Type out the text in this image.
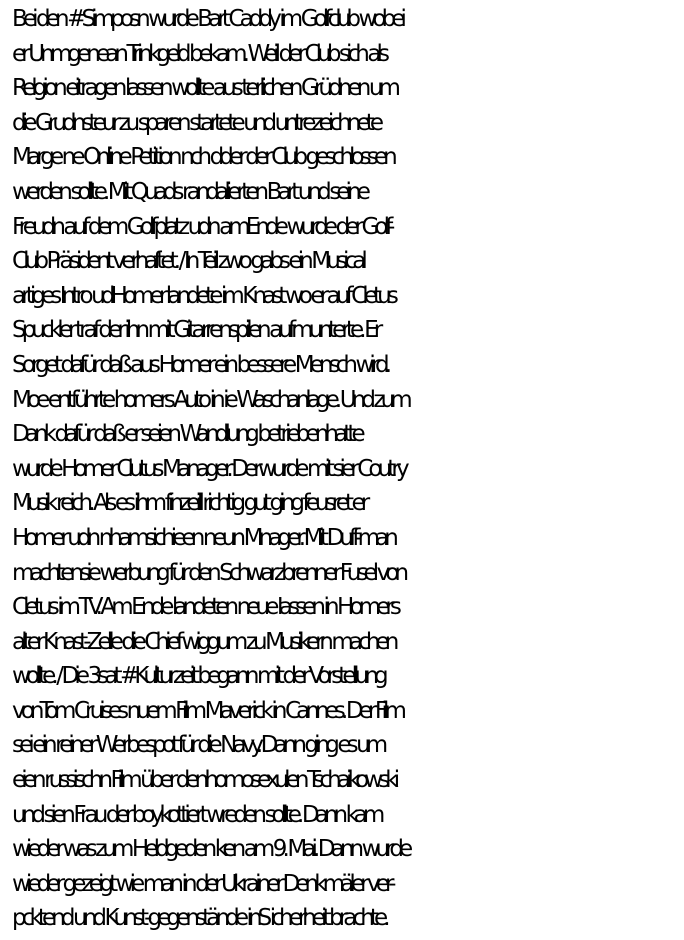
Bei den #Simposn wurde Bart Caddy im Golfclub wobei
er Unmgenean Trinkgeld bekam. Weil der Club sich als
Relgion eitragen lassen wollte aus terlichen Grüdnen um
die Grudnsteur zu sparen startete und untrezeichnete
Marge ne Online Petition nch dder der Club geschlossen
werden sollte. Mit Quads randalierten Bart und seine
Freudn auf dem Golfplatz udn amEnde wurde der Golf-
Club Präsident verhaftet. / In Teil zwo gabs ein Musical
artiges Intro udHomer landete im Knast wo er auf Cletus
Spuckler traf der ihn mit Gitarrenspilen aufmunterte. Er
Sorget dafür daß aus Homer ein bessere Mensch wird.
Moe entführte homers Auto in ie Waschanlage. Und zum
Dank dafür daß er seien Wandlung betriebenhatte
wurde Homer Clutus Manager. Derwurde mit sier Coutry
Musik reich. Als es ihm finzeill richtig gut ging feusret er
Homer udn nhamsichieen neun Mnager. Mit Duff-man
machtensie werbung für den Schwarzbrenner Fusel von
Cletus im TV. Am Ende landeten neue Iassen in Homers
alter Knast-Zelle die Chief wiggum zu Musikern machen
wollte. / Die 3sat #Kulturzeit begann mit der Vorstellung
vonTom Cruises nuem Film Maverick in Cannes. Der Film
sei ein reiner Werbespot für die Navy. Dann ging es um
eien russischn Film über denhomosexulen Tschaikowski
und sien Frau der boykottiert wreden sollte. Dann kam
wieder was zum Heldgeden ken am 9. Mai. Dann wurde
wieder gezeigt wie man in der Ukrainer Denkmäler ver-
pcktend und Kunst-gegenstände inS icherheit brachte.
